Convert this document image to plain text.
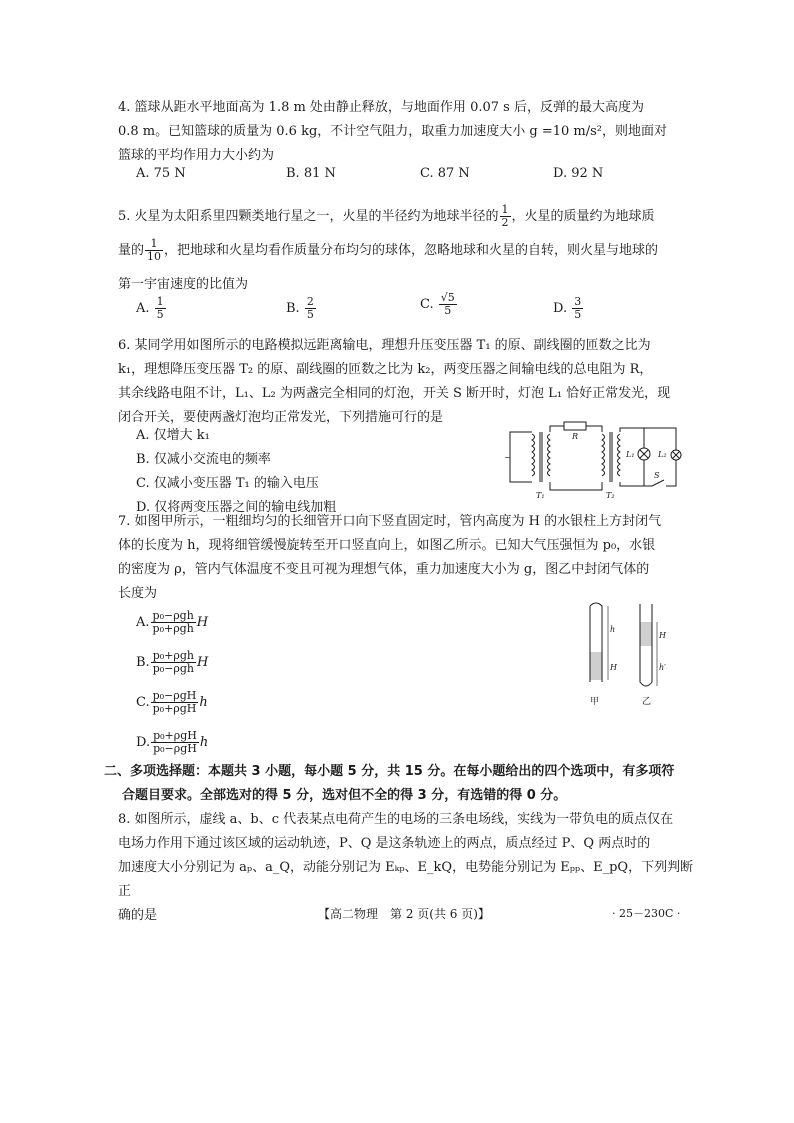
4. 篮球从距水平地面高为 1.8 m 处由静止释放，与地面作用 0.07 s 后，反弹的最大高度为

0.8 m。已知篮球的质量为 0.6 kg，不计空气阻力，取重力加速度大小 g =10 m/s²，则地面对

篮球的平均作用力大小约为

A. 75 N	B. 81 N	C. 87 N	D. 92 N

5. 火星为太阳系里四颗类地行星之一，火星的半径约为地球半径的 $\frac{1}{2}$ ，火星的质量约为地球质

量的 $\frac{1}{10}$ ，把地球和火星均看作质量分布均匀的球体，忽略地球和火星的自转，则火星与地球的

第一宇宙速度的比值为

A. $\frac{1}{5}$	B. $\frac{2}{5}$	C. $\frac{√5}{5}$	D. $\frac{3}{5}$

6. 某同学用如图所示的电路模拟远距离输电，理想升压变压器 T₁ 的原、副线圈的匝数之比为

k₁，理想降压变压器 T₂ 的原、副线圈的匝数之比为 k₂，两变压器之间输电线的总电阻为 R，

其余线路电阻不计，L₁、L₂ 为两盏完全相同的灯泡，开关 S 断开时，灯泡 L₁ 恰好正常发光，现

闭合开关，要使两盏灯泡均正常发光，下列措施可行的是

A. 仅增大 k₁
B. 仅减小交流电的频率
C. 仅减小变压器 T₁ 的输入电压
D. 仅将两变压器之间的输电线加粗
~
R
T₁	T₂
L₁	L₂
S

7. 如图甲所示，一粗细均匀的长细管开口向下竖直固定时，管内高度为 H 的水银柱上方封闭气

体的长度为 h，现将细管缓慢旋转至开口竖直向上，如图乙所示。已知大气压强恒为 p₀，水银

的密度为 ρ，管内气体温度不变且可视为理想气体，重力加速度大小为 g，图乙中封闭气体的

长度为

A. $\frac{\text{p₀−ρgh}}{\text{p₀+ρgh}}$ H
B. $\frac{\text{p₀+ρgh}}{\text{p₀−ρgh}}$ H
C. $\frac{\text{p₀−ρgH}}{\text{p₀+ρgH}}$ h
D. $\frac{\text{p₀+ρgH}}{\text{p₀−ρgH}}$ h
h
H
H
h′
甲	乙

二、多项选择题：本题共 3 小题，每小题 5 分，共 15 分。在每小题给出的四个选项中，有多项符

合题目要求。全部选对的得 5 分，选对但不全的得 3 分，有选错的得 0 分。

8. 如图所示，虚线 a、b、c 代表某点电荷产生的电场的三条电场线，实线为一带负电的质点仅在

电场力作用下通过该区域的运动轨迹，P、Q 是这条轨迹上的两点，质点经过 P、Q 两点时的

加速度大小分别记为 aₚ、a_Q，动能分别记为 Eₖₚ、E_kQ，电势能分别记为 Eₚₚ、E_pQ，下列判断正

确的是	【高二物理　第 2 页(共 6 页)】	· 25－230C ·
